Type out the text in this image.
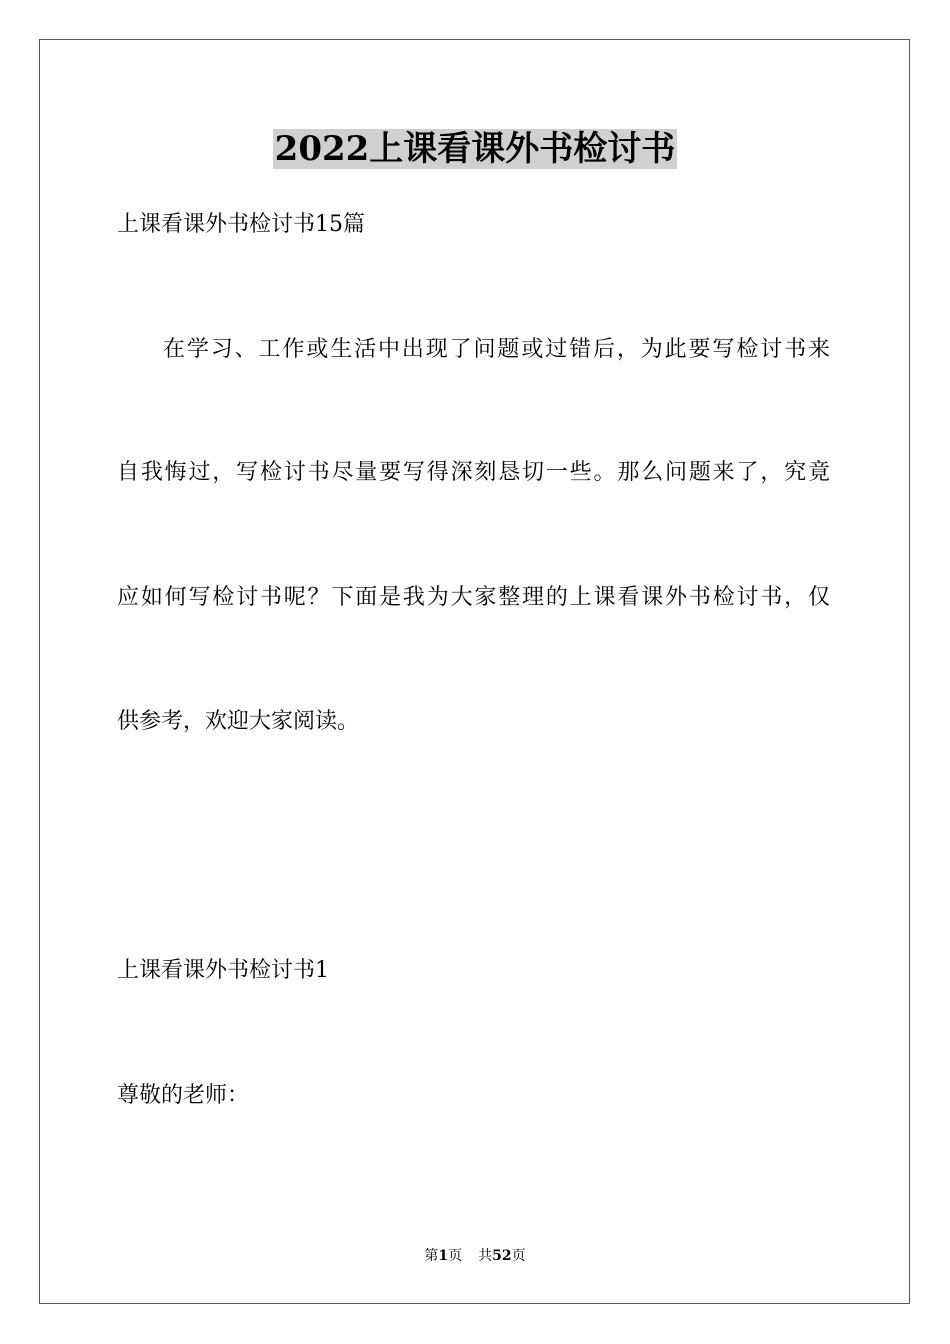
2022上课看课外书检讨书
上课看课外书检讨书15篇
在学习、工作或生活中出现了问题或过错后，为此要写检讨书来
自我悔过，写检讨书尽量要写得深刻恳切一些。那么问题来了，究竟
应如何写检讨书呢？下面是我为大家整理的上课看课外书检讨书，仅
供参考，欢迎大家阅读。
上课看课外书检讨书1
尊敬的老师：
第1页 共52页
